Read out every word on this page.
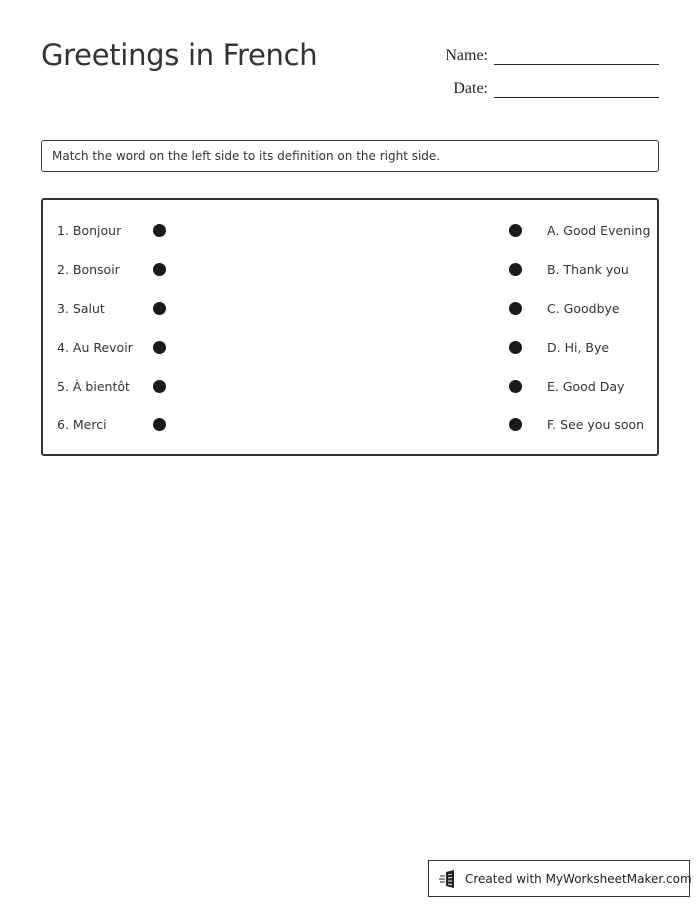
Greetings in French	Name:
Date:
Match the word on the left side to its definition on the right side.
1. Bonjour	A. Good Evening
2. Bonsoir	B. Thank you
3. Salut	C. Goodbye
4. Au Revoir	D. Hi, Bye
5. À bientôt	E. Good Day
6. Merci	F. See you soon
Created with MyWorksheetMaker.com
